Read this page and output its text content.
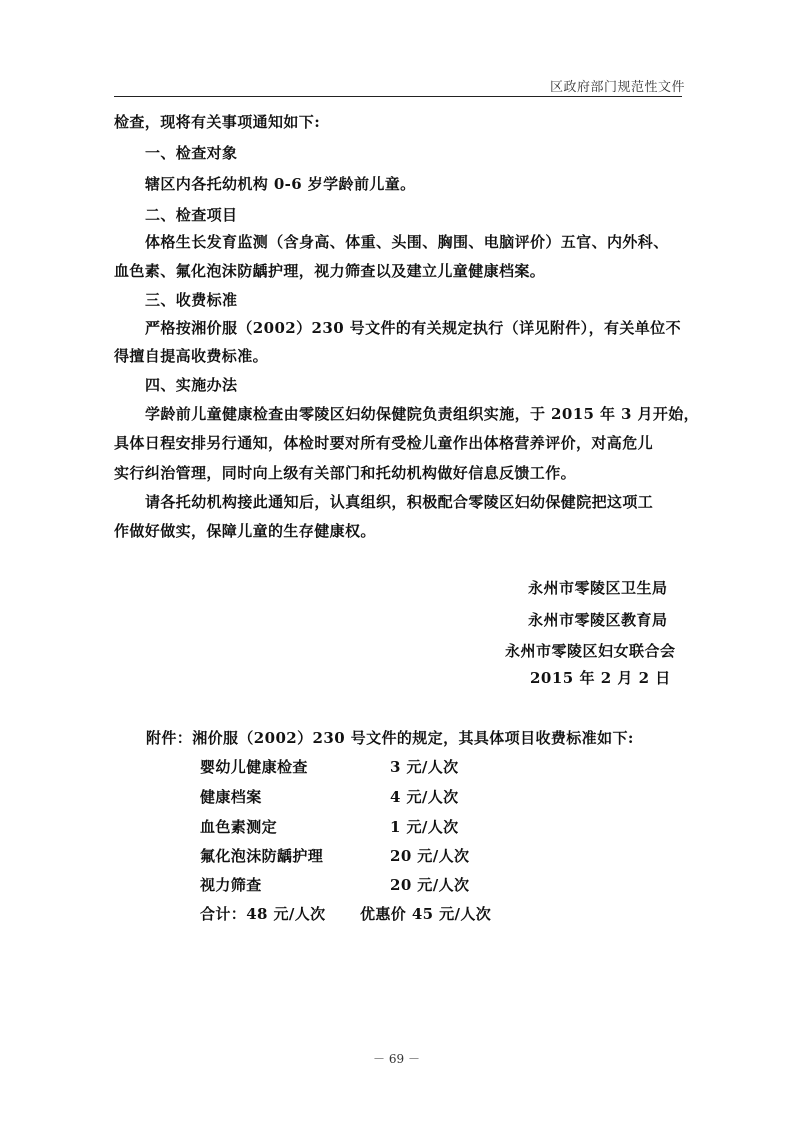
区政府部门规范性文件
检查，现将有关事项通知如下:
一、检查对象
辖区内各托幼机构 0-6 岁学龄前儿童。
二、检查项目
体格生长发育监测（含身高、体重、头围、胸围、电脑评价）五官、内外科、
血色素、氟化泡沫防龋护理，视力筛查以及建立儿童健康档案。
三、收费标准
严格按湘价服（2002）230 号文件的有关规定执行（详见附件），有关单位不
得擅自提高收费标准。
四、实施办法
学龄前儿童健康检查由零陵区妇幼保健院负责组织实施，于 2015 年 3 月开始，
具体日程安排另行通知，体检时要对所有受检儿童作出体格营养评价，对高危儿
实行纠治管理，同时向上级有关部门和托幼机构做好信息反馈工作。
请各托幼机构接此通知后，认真组织，积极配合零陵区妇幼保健院把这项工
作做好做实，保障儿童的生存健康权。
永州市零陵区卫生局
永州市零陵区教育局
永州市零陵区妇女联合会
2015 年 2 月 2 日
附件：湘价服（2002）230 号文件的规定，其具体项目收费标准如下:
婴幼儿健康检查	3 元/人次
健康档案	4 元/人次
血色素测定	1 元/人次
氟化泡沫防龋护理	20 元/人次
视力筛查	20 元/人次
合计：48 元/人次 优惠价 45 元/人次
－ 69 －
